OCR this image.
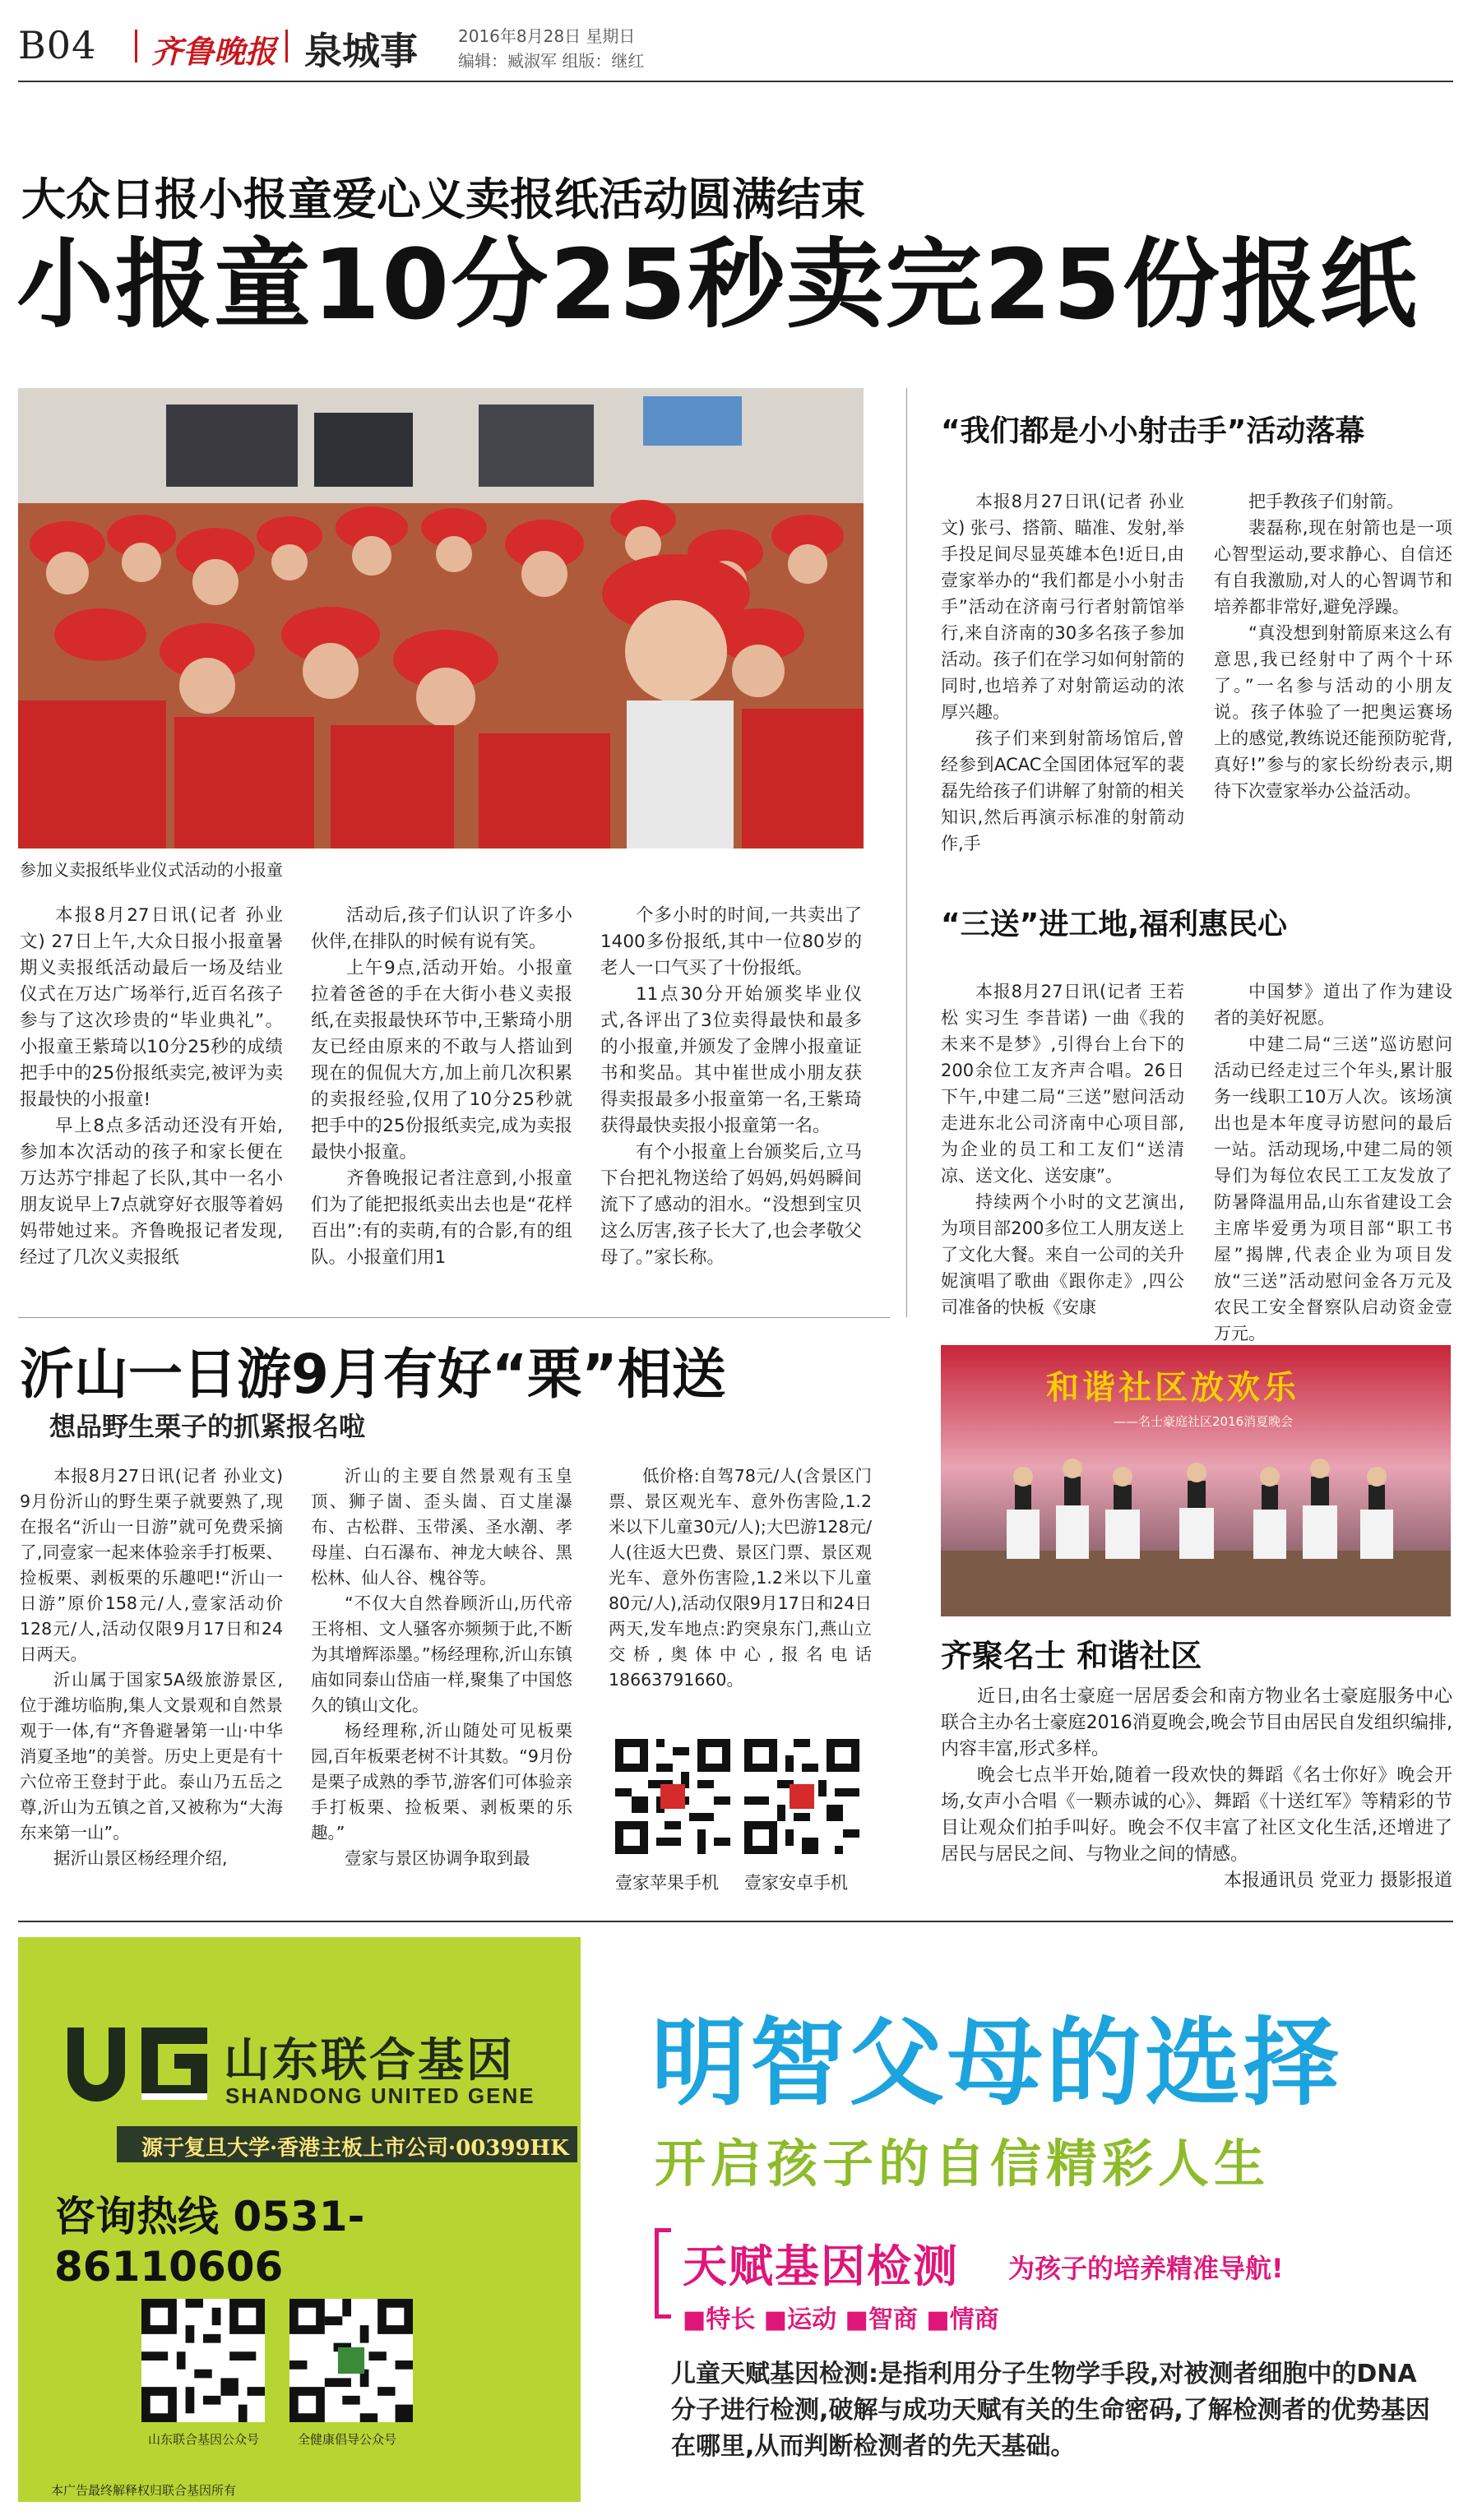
B04 齐鲁晚报 泉城事 2016年8月28日 星期日
编辑：臧淑军 组版：继红
大众日报小报童爱心义卖报纸活动圆满结束
小报童10分25秒卖完25份报纸
参加义卖报纸毕业仪式活动的小报童

本报8月27日讯(记者 孙业文) 27日上午,大众日报小报童暑期义卖报纸活动最后一场及结业仪式在万达广场举行,近百名孩子参与了这次珍贵的“毕业典礼”。小报童王紫琦以10分25秒的成绩把手中的25份报纸卖完,被评为卖报最快的小报童!

早上8点多活动还没有开始,参加本次活动的孩子和家长便在万达苏宁排起了长队,其中一名小朋友说早上7点就穿好衣服等着妈妈带她过来。齐鲁晚报记者发现,经过了几次义卖报纸

活动后,孩子们认识了许多小伙伴,在排队的时候有说有笑。

上午9点,活动开始。小报童拉着爸爸的手在大街小巷义卖报纸,在卖报最快环节中,王紫琦小朋友已经由原来的不敢与人搭讪到现在的侃侃大方,加上前几次积累的卖报经验,仅用了10分25秒就把手中的25份报纸卖完,成为卖报最快小报童。

齐鲁晚报记者注意到,小报童们为了能把报纸卖出去也是“花样百出”:有的卖萌,有的合影,有的组队。小报童们用1

个多小时的时间,一共卖出了1400多份报纸,其中一位80岁的老人一口气买了十份报纸。

11点30分开始颁奖毕业仪式,各评出了3位卖得最快和最多的小报童,并颁发了金牌小报童证书和奖品。其中崔世成小朋友获得卖报最多小报童第一名,王紫琦获得最快卖报小报童第一名。

有个小报童上台颁奖后,立马下台把礼物送给了妈妈,妈妈瞬间流下了感动的泪水。“没想到宝贝这么厉害,孩子长大了,也会孝敬父母了。”家长称。

“我们都是小小射击手”活动落幕

本报8月27日讯(记者 孙业文) 张弓、搭箭、瞄准、发射,举手投足间尽显英雄本色!近日,由壹家举办的“我们都是小小射击手”活动在济南弓行者射箭馆举行,来自济南的30多名孩子参加活动。孩子们在学习如何射箭的同时,也培养了对射箭运动的浓厚兴趣。

孩子们来到射箭场馆后,曾经参到ACAC全国团体冠军的裴磊先给孩子们讲解了射箭的相关知识,然后再演示标准的射箭动作,手

把手教孩子们射箭。

裴磊称,现在射箭也是一项心智型运动,要求静心、自信还有自我激励,对人的心智调节和培养都非常好,避免浮躁。

“真没想到射箭原来这么有意思,我已经射中了两个十环了。”一名参与活动的小朋友说。孩子体验了一把奥运赛场上的感觉,教练说还能预防驼背,真好!”参与的家长纷纷表示,期待下次壹家举办公益活动。

“三送”进工地,福利惠民心

本报8月27日讯(记者 王若松 实习生 李昔诺) 一曲《我的未来不是梦》,引得台上台下的200余位工友齐声合唱。26日下午,中建二局“三送”慰问活动走进东北公司济南中心项目部,为企业的员工和工友们“送清凉、送文化、送安康”。

持续两个小时的文艺演出,为项目部200多位工人朋友送上了文化大餐。来自一公司的关升妮演唱了歌曲《跟你走》,四公司准备的快板《安康

中国梦》道出了作为建设者的美好祝愿。

中建二局“三送”巡访慰问活动已经走过三个年头,累计服务一线职工10万人次。该场演出也是本年度寻访慰问的最后一站。活动现场,中建二局的领导们为每位农民工工友发放了防暑降温用品,山东省建设工会主席毕爱勇为项目部“职工书屋”揭牌,代表企业为项目发放“三送”活动慰问金各万元及农民工安全督察队启动资金壹万元。

沂山一日游9月有好“栗”相送
想品野生栗子的抓紧报名啦

本报8月27日讯(记者 孙业文) 9月份沂山的野生栗子就要熟了,现在报名“沂山一日游”就可免费采摘了,同壹家一起来体验亲手打板栗、捡板栗、剥板栗的乐趣吧!“沂山一日游”原价158元/人,壹家活动价128元/人,活动仅限9月17日和24日两天。

沂山属于国家5A级旅游景区,位于潍坊临朐,集人文景观和自然景观于一体,有“齐鲁避暑第一山·中华消夏圣地”的美誉。历史上更是有十六位帝王登封于此。泰山乃五岳之尊,沂山为五镇之首,又被称为“大海东来第一山”。

据沂山景区杨经理介绍,

沂山的主要自然景观有玉皇顶、狮子崮、歪头崮、百丈崖瀑布、古松群、玉带溪、圣水潮、孝母崖、白石瀑布、神龙大峡谷、黑松林、仙人谷、槐谷等。

“不仅大自然眷顾沂山,历代帝王将相、文人骚客亦频频于此,不断为其增辉添墨。”杨经理称,沂山东镇庙如同泰山岱庙一样,聚集了中国悠久的镇山文化。

杨经理称,沂山随处可见板栗园,百年板栗老树不计其数。“9月份是栗子成熟的季节,游客们可体验亲手打板栗、捡板栗、剥板栗的乐趣。”

壹家与景区协调争取到最

低价格:自驾78元/人(含景区门票、景区观光车、意外伤害险,1.2米以下儿童30元/人);大巴游128元/人(往返大巴费、景区门票、景区观光车、意外伤害险,1.2米以下儿童80元/人),活动仅限9月17日和24日两天,发车地点:趵突泉东门,燕山立交桥,奥体中心,报名电话18663791660。

壹家苹果手机 壹家安卓手机
和谐社区放欢乐
——名士豪庭社区2016消夏晚会
齐聚名士 和谐社区

近日,由名士豪庭一居居委会和南方物业名士豪庭服务中心联合主办名士豪庭2016消夏晚会,晚会节目由居民自发组织编排,内容丰富,形式多样。

晚会七点半开始,随着一段欢快的舞蹈《名士你好》晚会开场,女声小合唱《一颗赤诚的心》、舞蹈《十送红军》等精彩的节目让观众们拍手叫好。晚会不仅丰富了社区文化生活,还增进了居民与居民之间、与物业之间的情感。

本报通讯员 党亚力 摄影报道

山东联合基因
SHANDONG UNITED GENE
源于复旦大学·香港主板上市公司·00399HK
咨询热线 0531-86110606
山东联合基因公众号	全健康倡导公众号
本广告最终解释权归联合基因所有
明智父母的选择
开启孩子的自信精彩人生
天赋基因检测 为孩子的培养精准导航!
■特长 ■运动 ■智商 ■情商
儿童天赋基因检测:是指利用分子生物学手段,对被测者细胞中的DNA分子进行检测,破解与成功天赋有关的生命密码,了解检测者的优势基因在哪里,从而判断检测者的先天基础。
